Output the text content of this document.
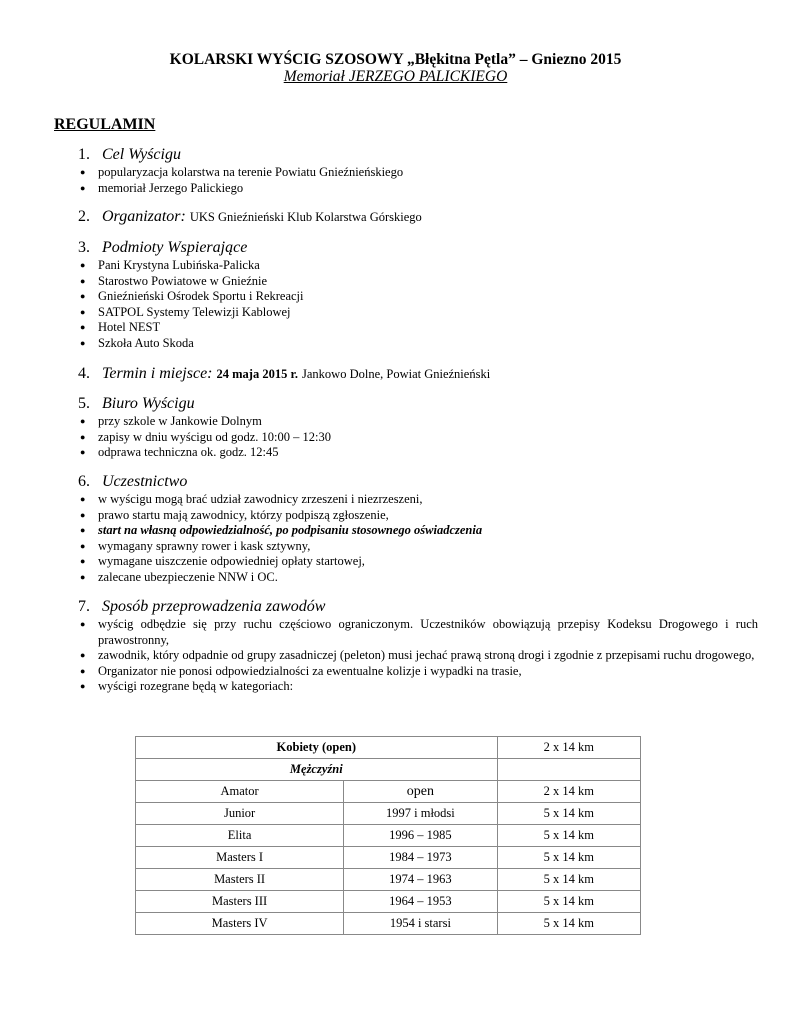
KOLARSKI WYŚCIG SZOSOWY „Błękitna Pętla” – Gniezno 2015
Memoriał JERZEGO PALICKIEGO
REGULAMIN
1. Cel Wyścigu
● popularyzacja kolarstwa na terenie Powiatu Gnieźnieńskiego
● memoriał Jerzego Palickiego
2. Organizator: UKS Gnieźnieński Klub Kolarstwa Górskiego
3. Podmioty Wspierające
● Pani Krystyna Lubińska-Palicka
● Starostwo Powiatowe w Gnieźnie
● Gnieźnieński Ośrodek Sportu i Rekreacji
● SATPOL Systemy Telewizji Kablowej
● Hotel NEST
● Szkoła Auto Skoda
4. Termin i miejsce: 24 maja 2015 r. Jankowo Dolne, Powiat Gnieźnieński
5. Biuro Wyścigu
● przy szkole w Jankowie Dolnym
● zapisy w dniu wyścigu od godz. 10:00 – 12:30
● odprawa techniczna ok. godz. 12:45
6. Uczestnictwo
● w wyścigu mogą brać udział zawodnicy zrzeszeni i niezrzeszeni,
● prawo startu mają zawodnicy, którzy podpiszą zgłoszenie,
● start na własną odpowiedzialność, po podpisaniu stosownego oświadczenia
● wymagany sprawny rower i kask sztywny,
● wymagane uiszczenie odpowiedniej opłaty startowej,
● zalecane ubezpieczenie NNW i OC.
7. Sposób przeprowadzenia zawodów
● wyścig odbędzie się przy ruchu częściowo ograniczonym. Uczestników obowiązują przepisy Kodeksu Drogowego i ruch prawostronny,
● zawodnik, który odpadnie od grupy zasadniczej (peleton) musi jechać prawą stroną drogi i zgodnie z przepisami ruchu drogowego,
● Organizator nie ponosi odpowiedzialności za ewentualne kolizje i wypadki na trasie,
● wyścigi rozegrane będą w kategoriach:
Kobiety (open)		2 x 14 km
Mężczyźni		
Amator	open	2 x 14 km
Junior	1997 i młodsi	5 x 14 km
Elita	1996 – 1985	5 x 14 km
Masters I	1984 – 1973	5 x 14 km
Masters II	1974 – 1963	5 x 14 km
Masters III	1964 – 1953	5 x 14 km
Masters IV	1954 i starsi	5 x 14 km
